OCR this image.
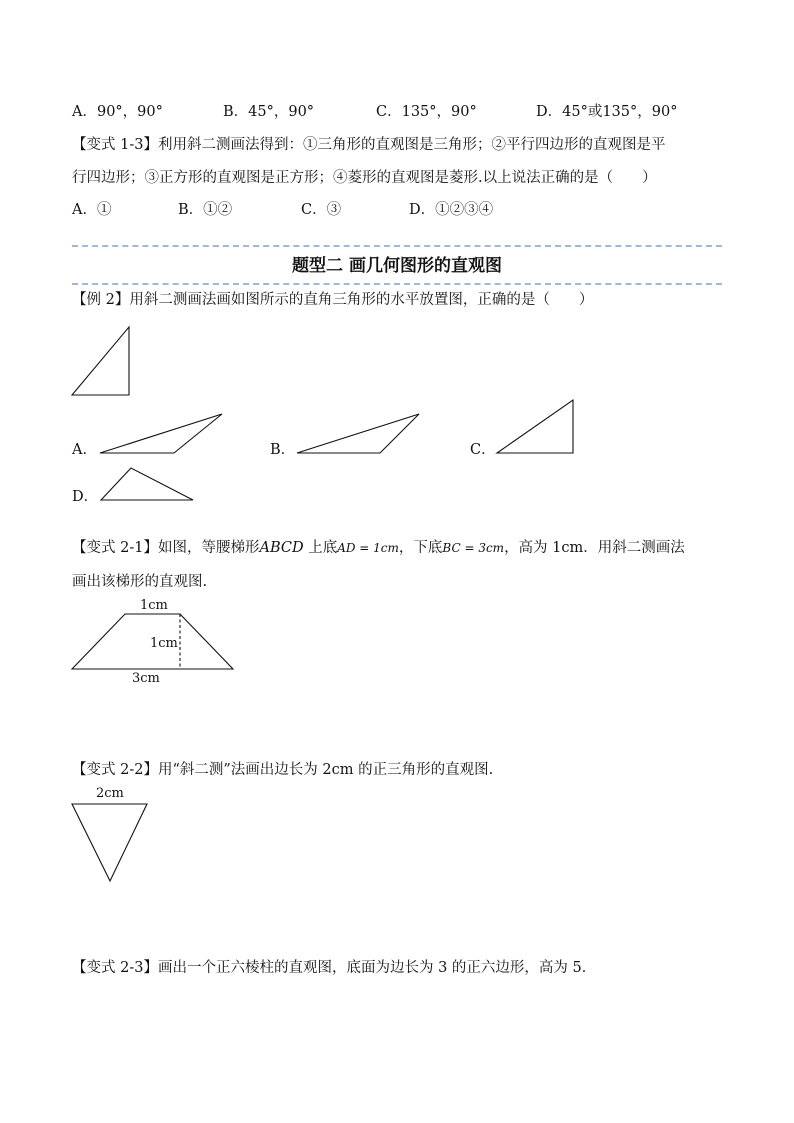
A．90°，90°	B．45°，90°	C．135°，90°	D．45°或135°，90°
【变式 1-3】利用斜二测画法得到：①三角形的直观图是三角形；②平行四边形的直观图是平
行四边形；③正方形的直观图是正方形；④菱形的直观图是菱形.以上说法正确的是（　　）
A．①	B．①②	C．③	D．①②③④
题型二 画几何图形的直观图
【例 2】用斜二测画法画如图所示的直角三角形的水平放置图，正确的是（　　）
A．	B．	C．
D．
【变式 2-1】如图，等腰梯形ABCD 上底AD = 1cm，下底BC = 3cm，高为 1cm．用斜二测画法
画出该梯形的直观图.
1cm
1cm
3cm
【变式 2-2】用“斜二测”法画出边长为 2cm 的正三角形的直观图.
2cm
【变式 2-3】画出一个正六棱柱的直观图，底面为边长为 3 的正六边形，高为 5．
